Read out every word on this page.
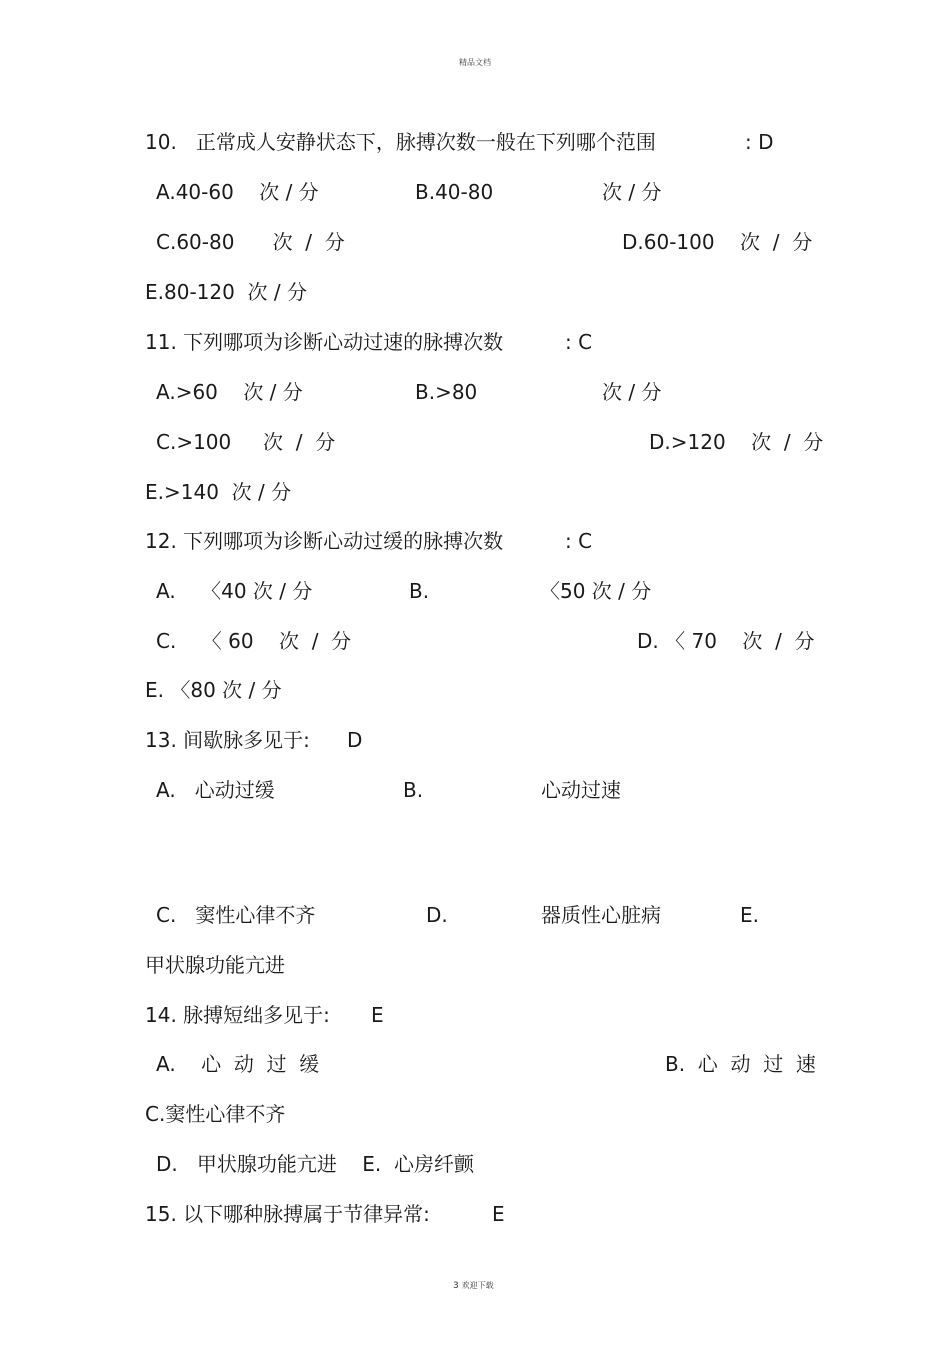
精品文档
10.   正常成人安静状态下，脉搏次数一般在下列哪个范围	: D
A.40-60    次 / 分	B.40-80	次 / 分
C.60-80      次  /  分	D.60-100    次  /  分
E.80-120  次 / 分
11. 下列哪项为诊断心动过速的脉搏次数	: C
A.>60    次 / 分	B.>80	次 / 分
C.>100     次  /  分	D.>120    次  /  分
E.>140  次 / 分
12. 下列哪项为诊断心动过缓的脉搏次数	: C
A.    〈40 次 / 分	B.	〈50 次 / 分
C.    〈 60    次  /  分	D. 〈 70    次  /  分
E. 〈80 次 / 分
13. 间歇脉多见于: D
A.   心动过缓	B.	心动过速
C.   窦性心律不齐	D.	器质性心脏病	E.
甲状腺功能亢进
14. 脉搏短绌多见于: E
A.    心  动  过  缓	B.  心  动  过  速
C.窦性心律不齐
D.   甲状腺功能亢进    E.  心房纤颤
15. 以下哪种脉搏属于节律异常:	E
3 欢迎下载
